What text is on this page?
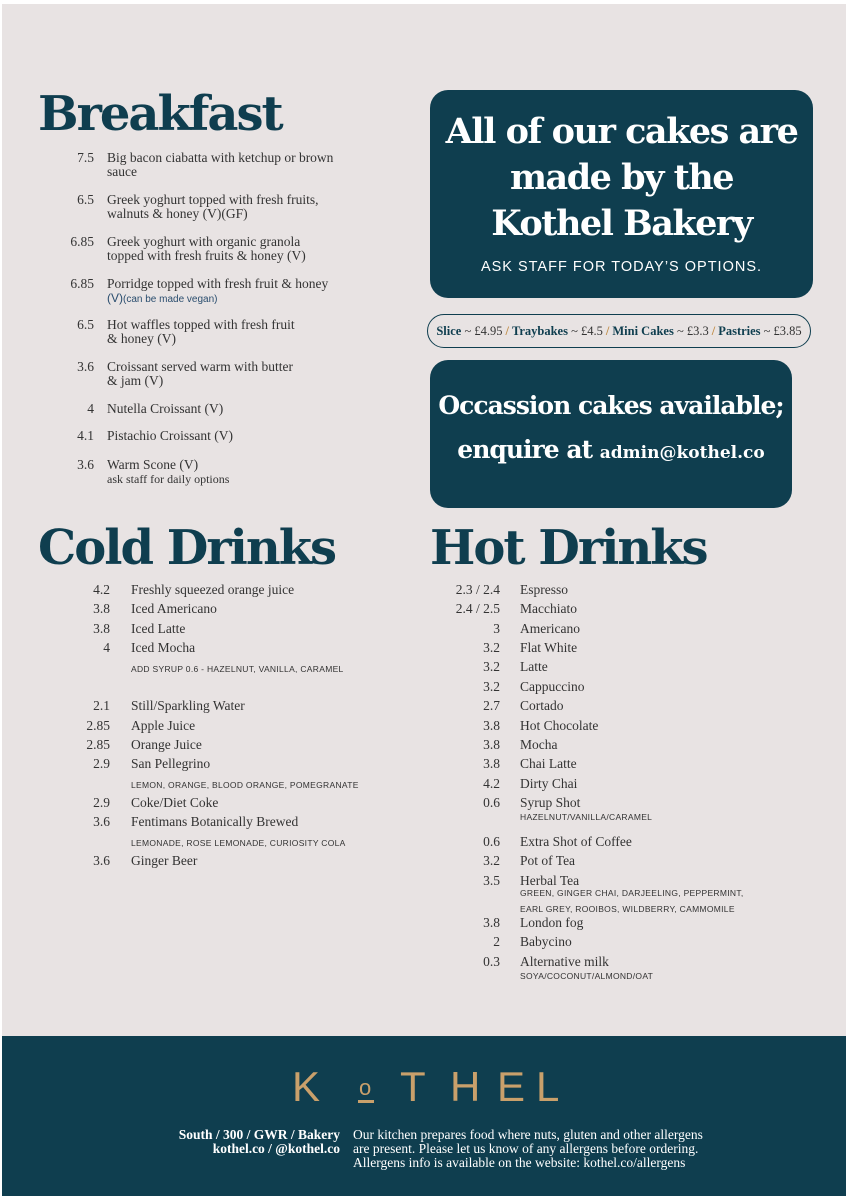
Breakfast
7.5 Big bacon ciabatta with ketchup or brown
sauce
6.5 Greek yoghurt topped with fresh fruits,
walnuts & honey (V)(GF)
6.85 Greek yoghurt with organic granola
topped with fresh fruits & honey (V)
6.85 Porridge topped with fresh fruit & honey
(V)(can be made vegan)
6.5 Hot waffles topped with fresh fruit
& honey (V)
3.6 Croissant served warm with butter
& jam (V)
4 Nutella Croissant (V)
4.1 Pistachio Croissant (V)
3.6 Warm Scone (V)
ask staff for daily options
All of our cakes are
made by the
Kothel Bakery
ASK STAFF FOR TODAY’S OPTIONS.
Slice
~ £4.95 / Traybakes
~ £4.5 / Mini Cakes
~ £3.3 / Pastries
~ £3.85
Occassion cakes available;
enquire at admin@kothel.co
Cold Drinks
4.2 Freshly squeezed orange juice
3.8 Iced Americano
3.8 Iced Latte
4 Iced Mocha
ADD SYRUP 0.6 - HAZELNUT, VANILLA, CARAMEL
2.1 Still/Sparkling Water
2.85 Apple Juice
2.85 Orange Juice
2.9 San Pellegrino
LEMON, ORANGE, BLOOD ORANGE, POMEGRANATE
2.9 Coke/Diet Coke
3.6 Fentimans Botanically Brewed
LEMONADE, ROSE LEMONADE, CURIOSITY COLA
3.6 Ginger Beer
Hot Drinks
2.3 / 2.4 Espresso
2.4 / 2.5 Macchiato
3 Americano
3.2 Flat White
3.2 Latte
3.2 Cappuccino
2.7 Cortado
3.8 Hot Chocolate
3.8 Mocha
3.8 Chai Latte
4.2 Dirty Chai
0.6 Syrup Shot
HAZELNUT/VANILLA/CARAMEL
0.6 Extra Shot of Coffee
3.2 Pot of Tea
3.5 Herbal Tea
GREEN, GINGER CHAI, DARJEELING, PEPPERMINT,
EARL GREY, ROOIBOS, WILDBERRY, CAMMOMILE
3.8 London fog
2 Babycino
0.3 Alternative milk
SOYA/COCONUT/ALMOND/OAT
K o T H E L
South / 300 / GWR / Bakery
kothel.co / @kothel.co
Our kitchen prepares food where nuts, gluten and other allergens
are present. Please let us know of any allergens before ordering.
Allergens info is available on the website: kothel.co/allergens
